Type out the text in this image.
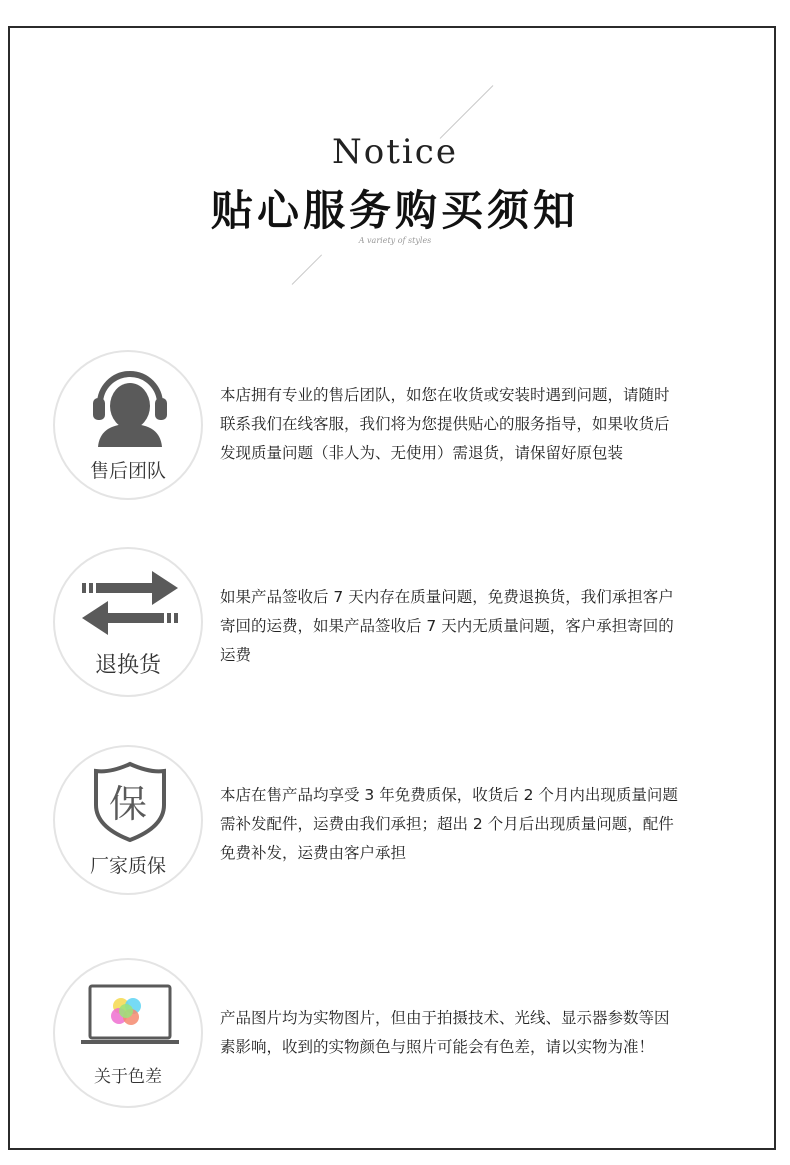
Notice
贴心服务购买须知
A variety of styles
售后团队

本店拥有专业的售后团队，如您在收货或安装时遇到问题，请随时

联系我们在线客服，我们将为您提供贴心的服务指导，如果收货后

发现质量问题（非人为、无使用）需退货，请保留好原包装

退换货

如果产品签收后 7 天内存在质量问题，免费退换货，我们承担客户

寄回的运费，如果产品签收后 7 天内无质量问题，客户承担寄回的

运费

保
厂家质保

本店在售产品均享受 3 年免费质保，收货后 2 个月内出现质量问题

需补发配件，运费由我们承担；超出 2 个月后出现质量问题，配件

免费补发，运费由客户承担

关于色差

产品图片均为实物图片，但由于拍摄技术、光线、显示器参数等因

素影响，收到的实物颜色与照片可能会有色差，请以实物为准！
